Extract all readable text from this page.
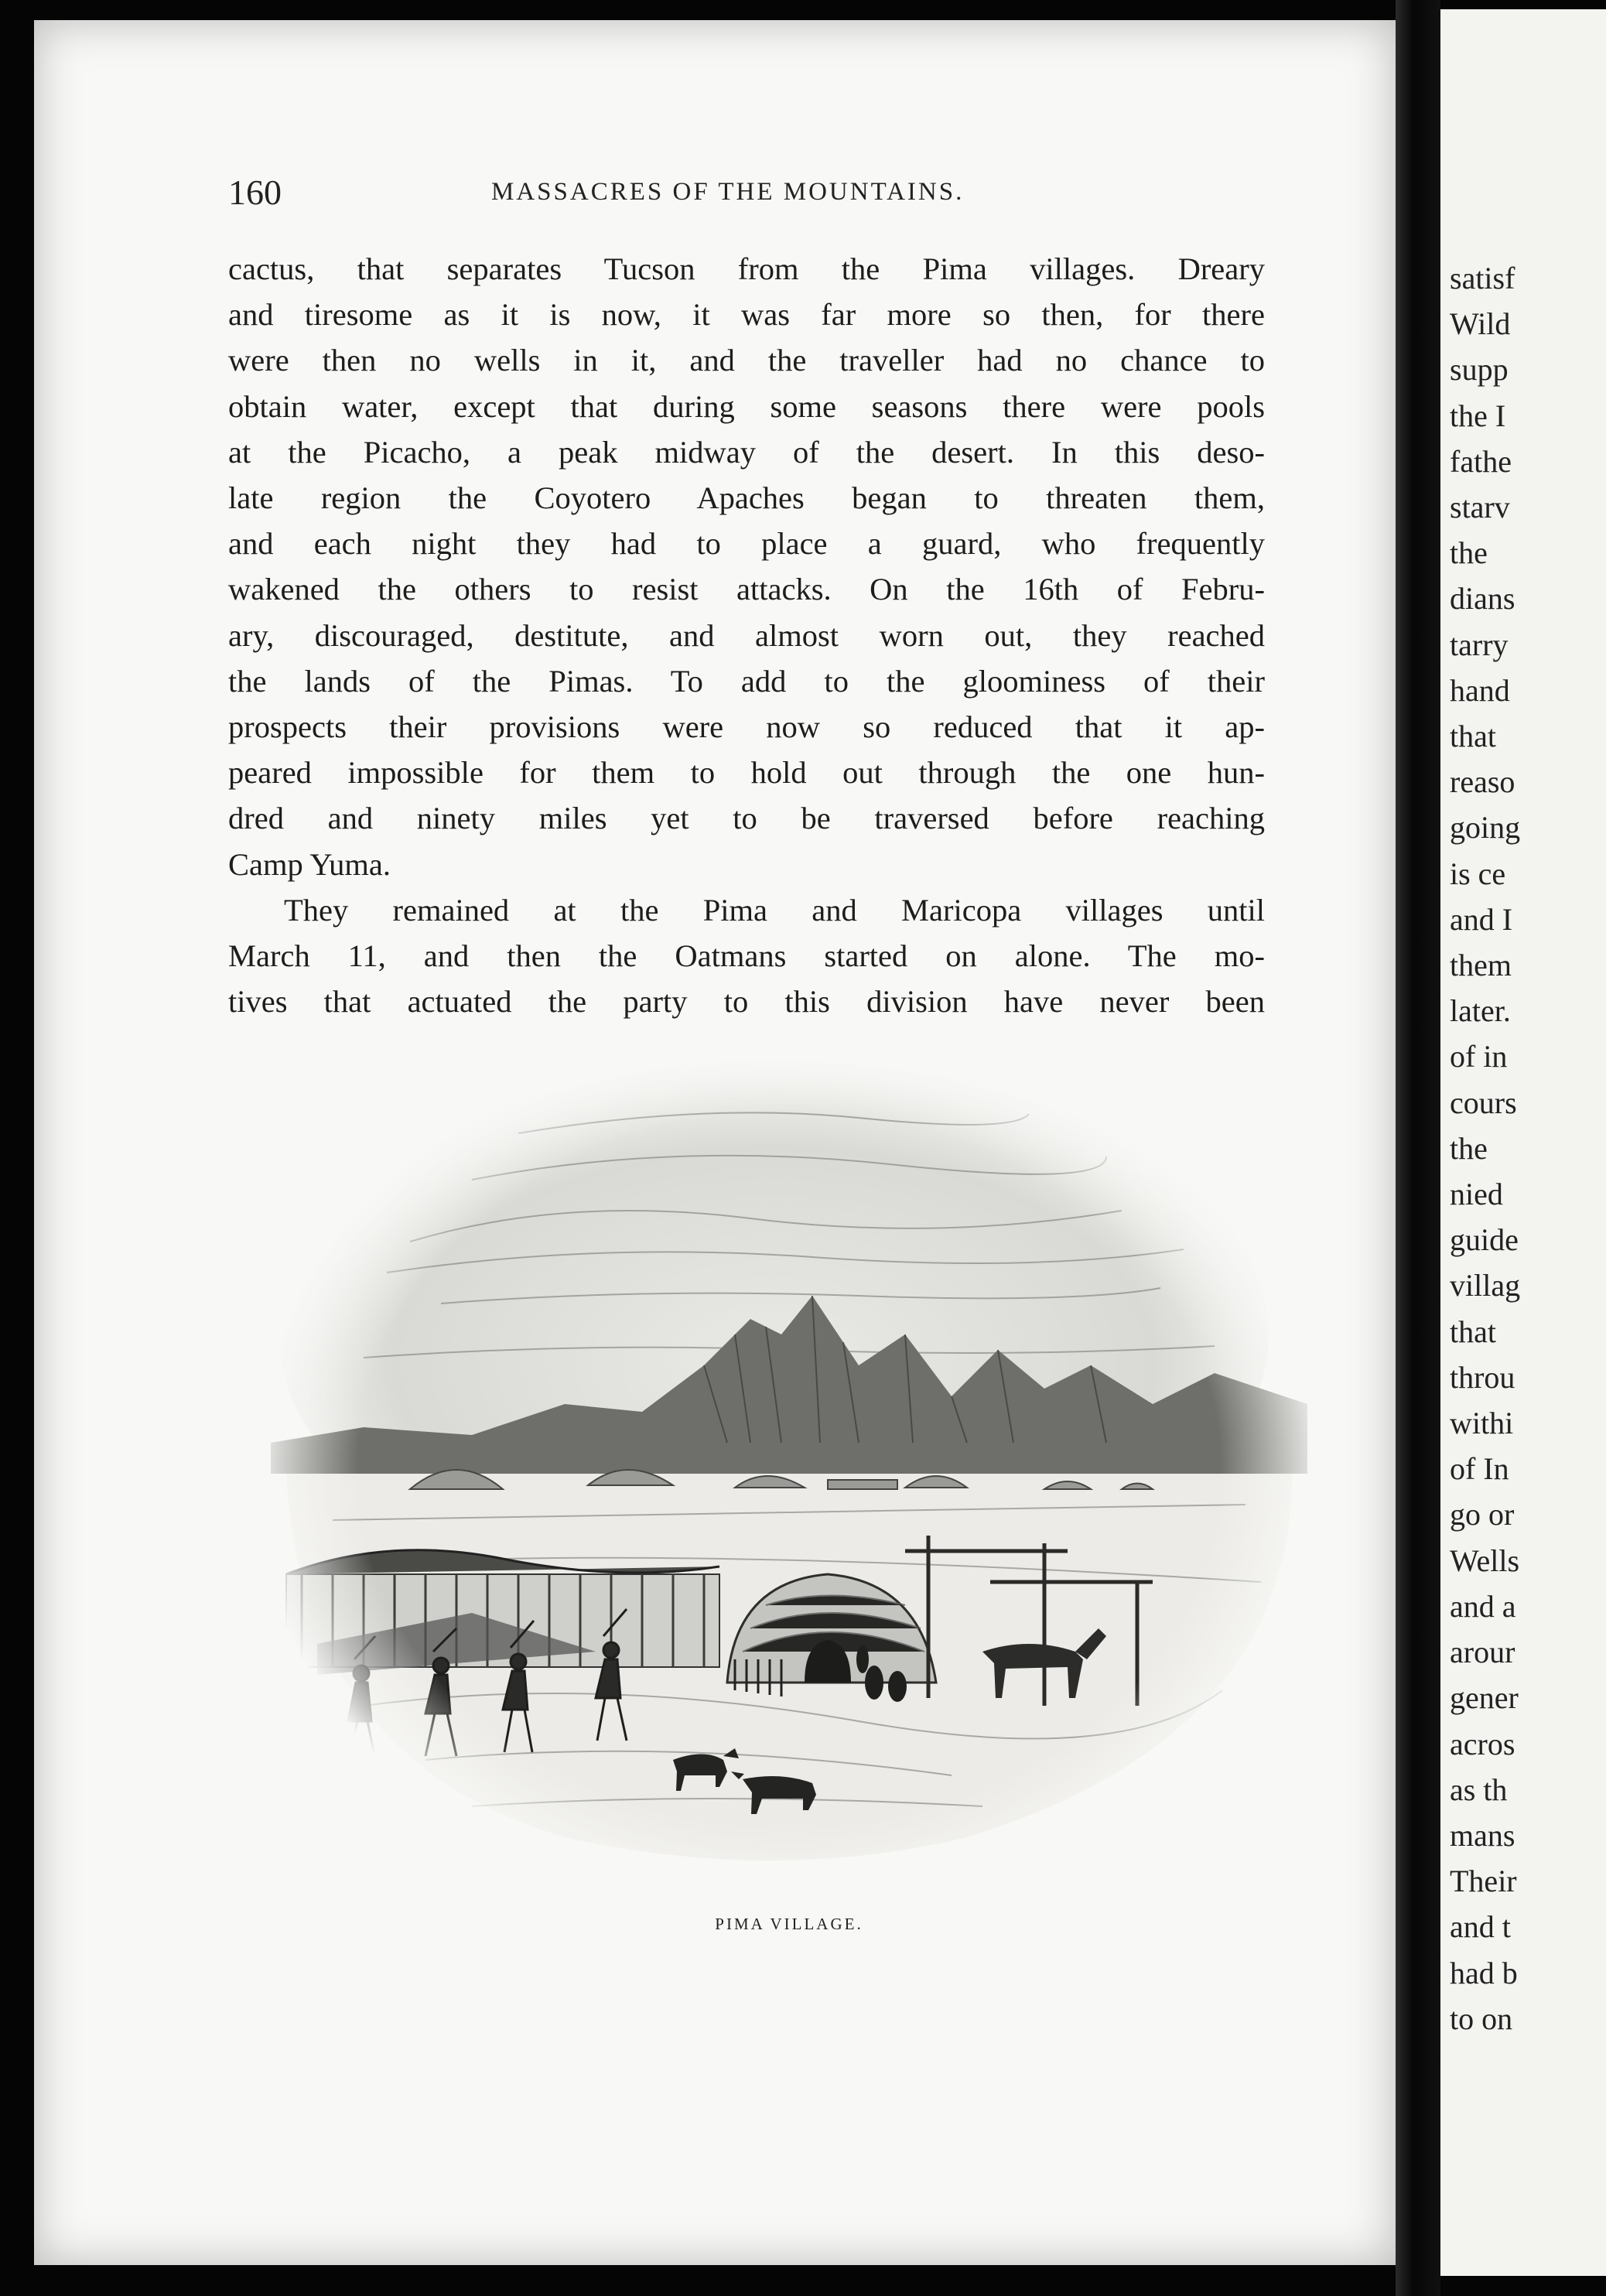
160	MASSACRES OF THE MOUNTAINS.
cactus, that separates Tucson from the Pima villages. Dreary
and tiresome as it is now, it was far more so then, for there
were then no wells in it, and the traveller had no chance to
obtain water, except that during some seasons there were pools
at the Picacho, a peak midway of the desert. In this deso-
late region the Coyotero Apaches began to threaten them,
and each night they had to place a guard, who frequently
wakened the others to resist attacks. On the 16th of Febru-
ary, discouraged, destitute, and almost worn out, they reached
the lands of the Pimas. To add to the gloominess of their
prospects their provisions were now so reduced that it ap-
peared impossible for them to hold out through the one hun-
dred and ninety miles yet to be traversed before reaching
Camp Yuma.
They remained at the Pima and Maricopa villages until
March 11, and then the Oatmans started on alone. The mo-
tives that actuated the party to this division have never been
PIMA VILLAGE.
satisf
Wild
supp
the I
fathe
starv
the
dians
tarry
hand
that
reaso
going
is ce
and I
them
later.
of in
cours
the
nied
guide
villag
that
throu
withi
of In
go or
Wells
and a
arour
gener
acros
as th
mans
Their
and t
had b
to on
